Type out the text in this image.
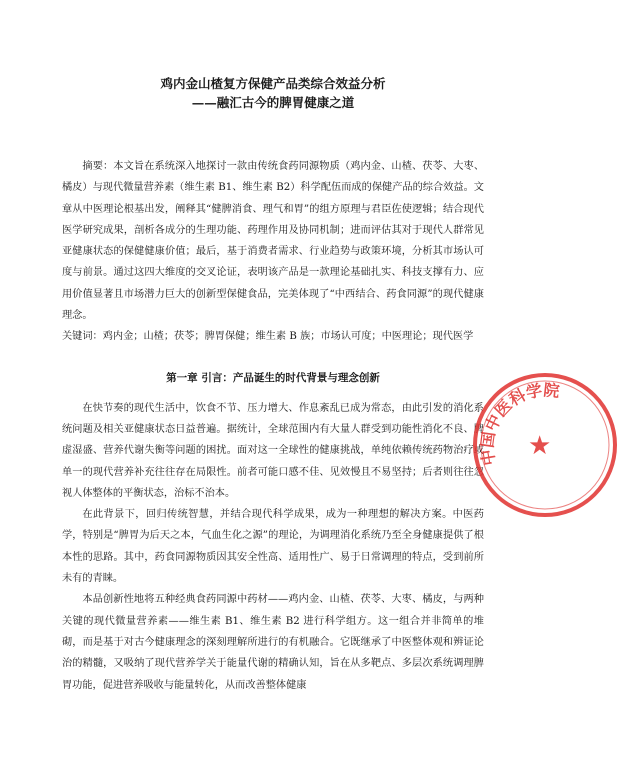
鸡内金山楂复方保健产品类综合效益分析

——融汇古今的脾胃健康之道

摘要：本文旨在系统深入地探讨一款由传统食药同源物质（鸡内金、山楂、茯苓、大枣、橘皮）与现代微量营养素（维生素 B1、维生素 B2）科学配伍而成的保健产品的综合效益。文章从中医理论根基出发，阐释其“健脾消食、理气和胃”的组方原理与君臣佐使逻辑；结合现代医学研究成果，剖析各成分的生理功能、药理作用及协同机制；进而评估其对于现代人群常见亚健康状态的保健健康价值；最后，基于消费者需求、行业趋势与政策环境，分析其市场认可度与前景。通过这四大维度的交叉论证，表明该产品是一款理论基础扎实、科技支撑有力、应用价值显著且市场潜力巨大的创新型保健食品，完美体现了“中西结合、药食同源”的现代健康理念。

关键词：鸡内金；山楂；茯苓；脾胃保健；维生素 B 族；市场认可度；中医理论；现代医学

第一章 引言：产品诞生的时代背景与理念创新

在快节奏的现代生活中，饮食不节、压力增大、作息紊乱已成为常态，由此引发的消化系统问题及相关亚健康状态日益普遍。据统计，全球范围内有大量人群受到功能性消化不良、脾虚湿盛、营养代谢失衡等问题的困扰。面对这一全球性的健康挑战，单纯依赖传统药物治疗或单一的现代营养补充往往存在局限性。前者可能口感不佳、见效慢且不易坚持；后者则往往忽视人体整体的平衡状态，治标不治本。

在此背景下，回归传统智慧，并结合现代科学成果，成为一种理想的解决方案。中医药学，特别是“脾胃为后天之本，气血生化之源”的理论，为调理消化系统乃至全身健康提供了根本性的思路。其中，药食同源物质因其安全性高、适用性广、易于日常调理的特点，受到前所未有的青睐。

本品创新性地将五种经典食药同源中药材——鸡内金、山楂、茯苓、大枣、橘皮，与两种关键的现代微量营养素——维生素 B1、维生素 B2 进行科学组方。这一组合并非简单的堆砌，而是基于对古今健康理念的深刻理解所进行的有机融合。它既继承了中医整体观和辨证论治的精髓，又吸纳了现代营养学关于能量代谢的精确认知，旨在从多靶点、多层次系统调理脾胃功能，促进营养吸收与能量转化，从而改善整体健康

中国中医科学院
★
